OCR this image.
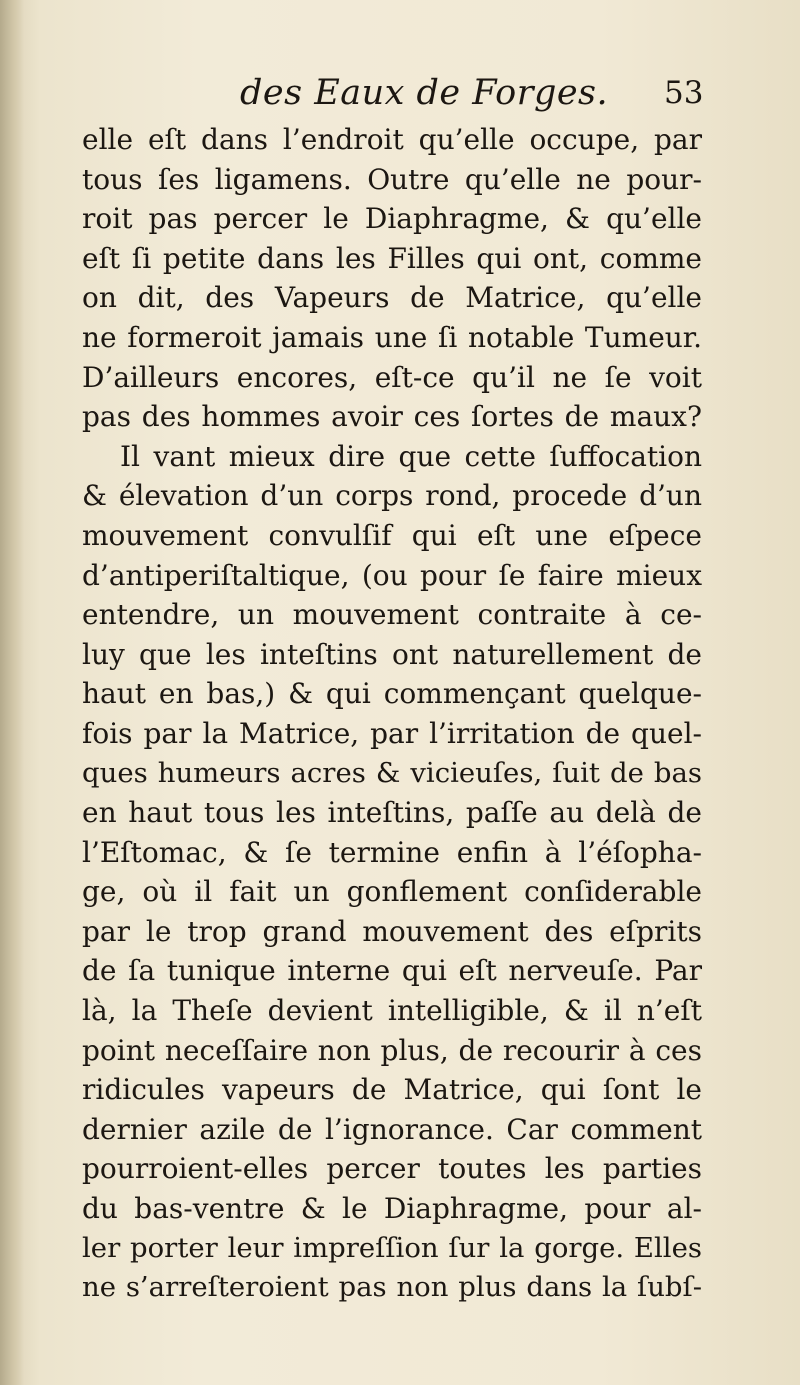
des Eaux de Forges. 53
elle eſt dans l’endroit qu’elle occupe, par
tous ſes ligamens. Outre qu’elle ne pour-
roit pas percer le Diaphragme, & qu’elle
eſt ſi petite dans les Filles qui ont, comme
on dit, des Vapeurs de Matrice, qu’elle
ne formeroit jamais une ſi notable Tumeur.
D’ailleurs encores, eſt-ce qu’il ne ſe voit
pas des hommes avoir ces ſortes de maux?
Il vant mieux dire que cette ſuffocation
& élevation d’un corps rond, procede d’un
mouvement convulſif qui eſt une eſpece
d’antiperiſtaltique, (ou pour ſe faire mieux
entendre, un mouvement contraite à ce-
luy que les inteſtins ont naturellement de
haut en bas,) & qui commençant quelque-
fois par la Matrice, par l’irritation de quel-
ques humeurs acres & vicieuſes, ſuit de bas
en haut tous les inteſtins, paſſe au delà de
l’Eſtomac, & ſe termine enfin à l’éſopha-
ge, où il fait un gonflement conſiderable
par le trop grand mouvement des eſprits
de ſa tunique interne qui eſt nerveuſe. Par
là, la Theſe devient intelligible, & il n’eſt
point neceſſaire non plus, de recourir à ces
ridicules vapeurs de Matrice, qui ſont le
dernier azile de l’ignorance. Car comment
pourroient-elles percer toutes les parties
du bas-ventre & le Diaphragme, pour al-
ler porter leur impreſſion ſur la gorge. Elles
ne s’arreſteroient pas non plus dans la ſubſ-
